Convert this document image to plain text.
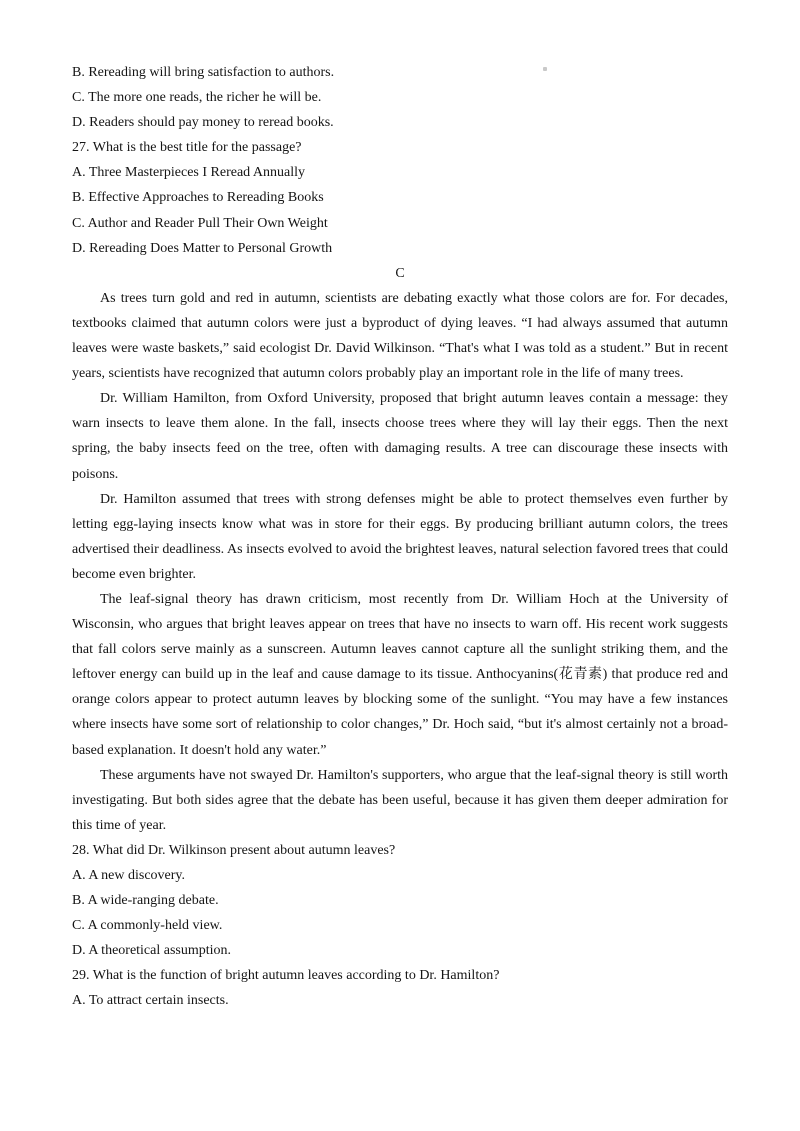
B. Rereading will bring satisfaction to authors.
C. The more one reads, the richer he will be.
D. Readers should pay money to reread books.
27. What is the best title for the passage?
A. Three Masterpieces I Reread Annually
B. Effective Approaches to Rereading Books
C. Author and Reader Pull Their Own Weight
D. Rereading Does Matter to Personal Growth
C

As trees turn gold and red in autumn, scientists are debating exactly what those colors are for. For decades, textbooks claimed that autumn colors were just a byproduct of dying leaves. “I had always assumed that autumn leaves were waste baskets,” said ecologist Dr. David Wilkinson. “That's what I was told as a student.” But in recent years, scientists have recognized that autumn colors probably play an important role in the life of many trees.

Dr. William Hamilton, from Oxford University, proposed that bright autumn leaves contain a message: they warn insects to leave them alone. In the fall, insects choose trees where they will lay their eggs. Then the next spring, the baby insects feed on the tree, often with damaging results. A tree can discourage these insects with poisons.

Dr. Hamilton assumed that trees with strong defenses might be able to protect themselves even further by letting egg-laying insects know what was in store for their eggs. By producing brilliant autumn colors, the trees advertised their deadliness. As insects evolved to avoid the brightest leaves, natural selection favored trees that could become even brighter.

The leaf-signal theory has drawn criticism, most recently from Dr. William Hoch at the University of Wisconsin, who argues that bright leaves appear on trees that have no insects to warn off. His recent work suggests that fall colors serve mainly as a sunscreen. Autumn leaves cannot capture all the sunlight striking them, and the leftover energy can build up in the leaf and cause damage to its tissue. Anthocyanins(花青素) that produce red and orange colors appear to protect autumn leaves by blocking some of the sunlight. “You may have a few instances where insects have some sort of relationship to color changes,” Dr. Hoch said, “but it's almost certainly not a broad-based explanation. It doesn't hold any water.”

These arguments have not swayed Dr. Hamilton's supporters, who argue that the leaf-signal theory is still worth investigating. But both sides agree that the debate has been useful, because it has given them deeper admiration for this time of year.

28. What did Dr. Wilkinson present about autumn leaves?
A. A new discovery.
B. A wide-ranging debate.
C. A commonly-held view.
D. A theoretical assumption.
29. What is the function of bright autumn leaves according to Dr. Hamilton?
A. To attract certain insects.
